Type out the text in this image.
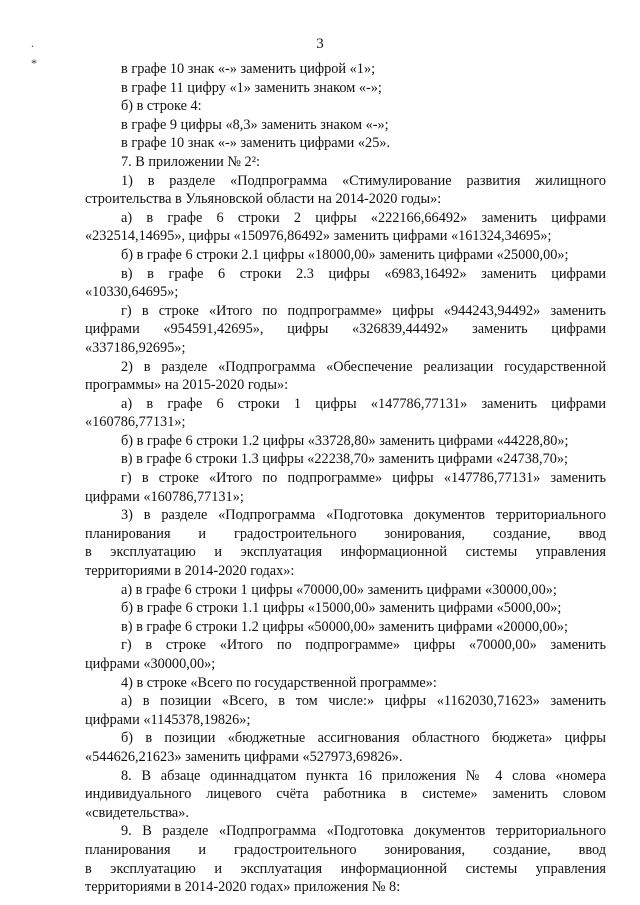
3
.
*	в графе 10 знак «-» заменить цифрой «1»;
в графе 11 цифру «1» заменить знаком «-»;
б) в строке 4:
в графе 9 цифры «8,3» заменить знаком «-»;
в графе 10 знак «-» заменить цифрами «25».
7. В приложении № 2²:
1) в разделе «Подпрограмма «Стимулирование развития жилищного
строительства в Ульяновской области на 2014-2020 годы»:
а) в графе 6 строки 2 цифры «222166,66492» заменить цифрами
«232514,14695», цифры «150976,86492» заменить цифрами «161324,34695»;
б) в графе 6 строки 2.1 цифры «18000,00» заменить цифрами «25000,00»;
в) в графе 6 строки 2.3 цифры «6983,16492» заменить цифрами
«10330,64695»;
г) в строке «Итого по подпрограмме» цифры «944243,94492» заменить
цифрами «954591,42695», цифры «326839,44492» заменить цифрами
«337186,92695»;
2) в разделе «Подпрограмма «Обеспечение реализации государственной
программы» на 2015-2020 годы»:
а) в графе 6 строки 1 цифры «147786,77131» заменить цифрами
«160786,77131»;
б) в графе 6 строки 1.2 цифры «33728,80» заменить цифрами «44228,80»;
в) в графе 6 строки 1.3 цифры «22238,70» заменить цифрами «24738,70»;
г) в строке «Итого по подпрограмме» цифры «147786,77131» заменить
цифрами «160786,77131»;
3) в разделе «Подпрограмма «Подготовка документов территориального
планирования и градостроительного зонирования, создание, ввод
в эксплуатацию и эксплуатация информационной системы управления
территориями в 2014-2020 годах»:
а) в графе 6 строки 1 цифры «70000,00» заменить цифрами «30000,00»;
б) в графе 6 строки 1.1 цифры «15000,00» заменить цифрами «5000,00»;
в) в графе 6 строки 1.2 цифры «50000,00» заменить цифрами «20000,00»;
г) в строке «Итого по подпрограмме» цифры «70000,00» заменить
цифрами «30000,00»;
4) в строке «Всего по государственной программе»:
а) в позиции «Всего, в том числе:» цифры «1162030,71623» заменить
цифрами «1145378,19826»;
б) в позиции «бюджетные ассигнования областного бюджета» цифры
«544626,21623» заменить цифрами «527973,69826».
8. В абзаце одиннадцатом пункта 16 приложения № 4 слова «номера
индивидуального лицевого счёта работника в системе» заменить словом
«свидетельства».
9. В разделе «Подпрограмма «Подготовка документов территориального
планирования и градостроительного зонирования, создание, ввод
в эксплуатацию и эксплуатация информационной системы управления
территориями в 2014-2020 годах» приложения № 8:
